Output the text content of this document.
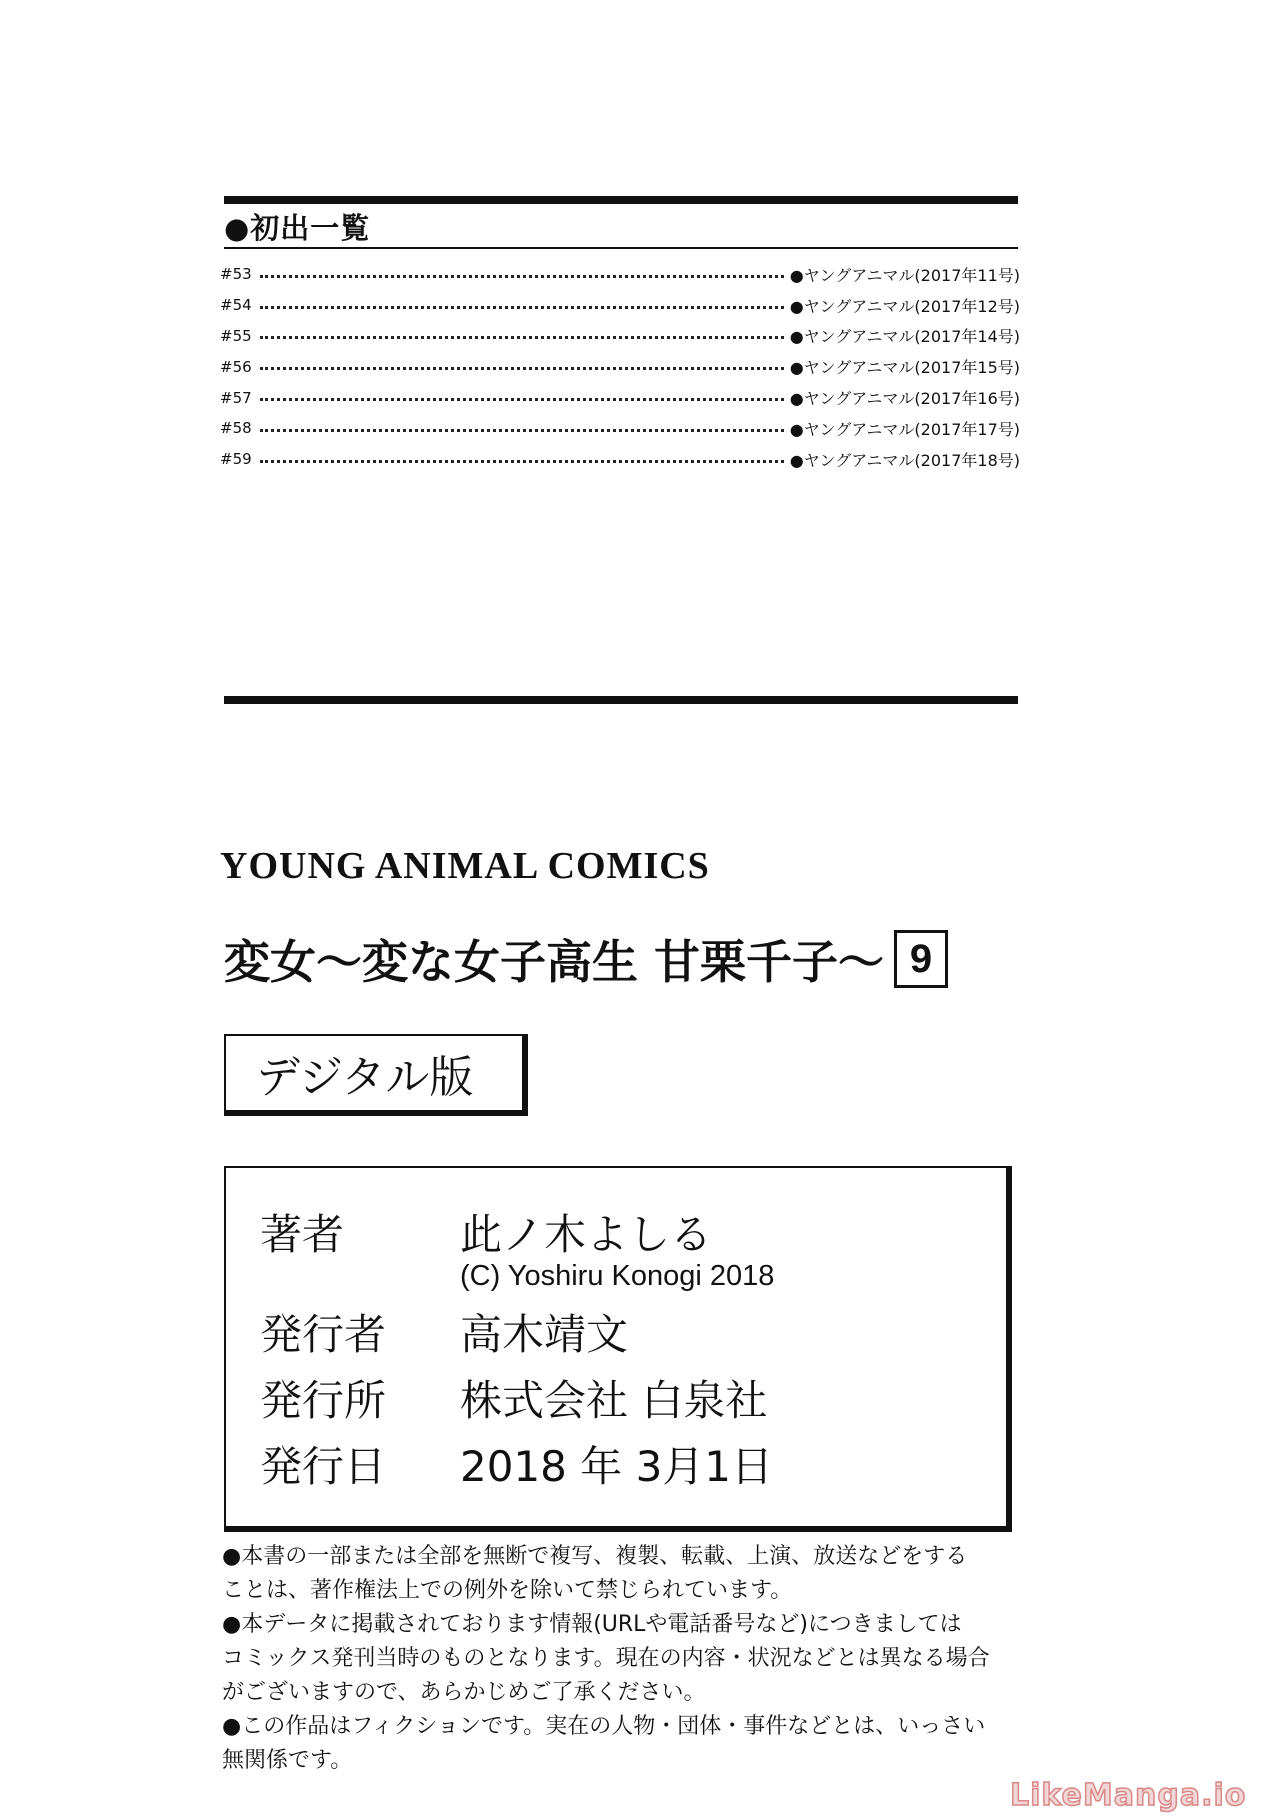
●初出一覧
#53	●ヤングアニマル(2017年11号)
#54	●ヤングアニマル(2017年12号)
#55	●ヤングアニマル(2017年14号)
#56	●ヤングアニマル(2017年15号)
#57	●ヤングアニマル(2017年16号)
#58	●ヤングアニマル(2017年17号)
#59	●ヤングアニマル(2017年18号)
YOUNG ANIMAL COMICS
変女〜変な女子高生 甘栗千子〜 9
デジタル版
著者	此ノ木よしる
(C) Yoshiru Konogi 2018
発行者 高木靖文
発行所 株式会社 白泉社
発行日 2018 年 3月1日
●本書の一部または全部を無断で複写、複製、転載、上演、放送などをする
ことは、著作権法上での例外を除いて禁じられています。
●本データに掲載されております情報(URLや電話番号など)につきましては
コミックス発刊当時のものとなります。現在の内容・状況などとは異なる場合
がございますので、あらかじめご了承ください。
●この作品はフィクションです。実在の人物・団体・事件などとは、いっさい
無関係です。
LikeManga.io
